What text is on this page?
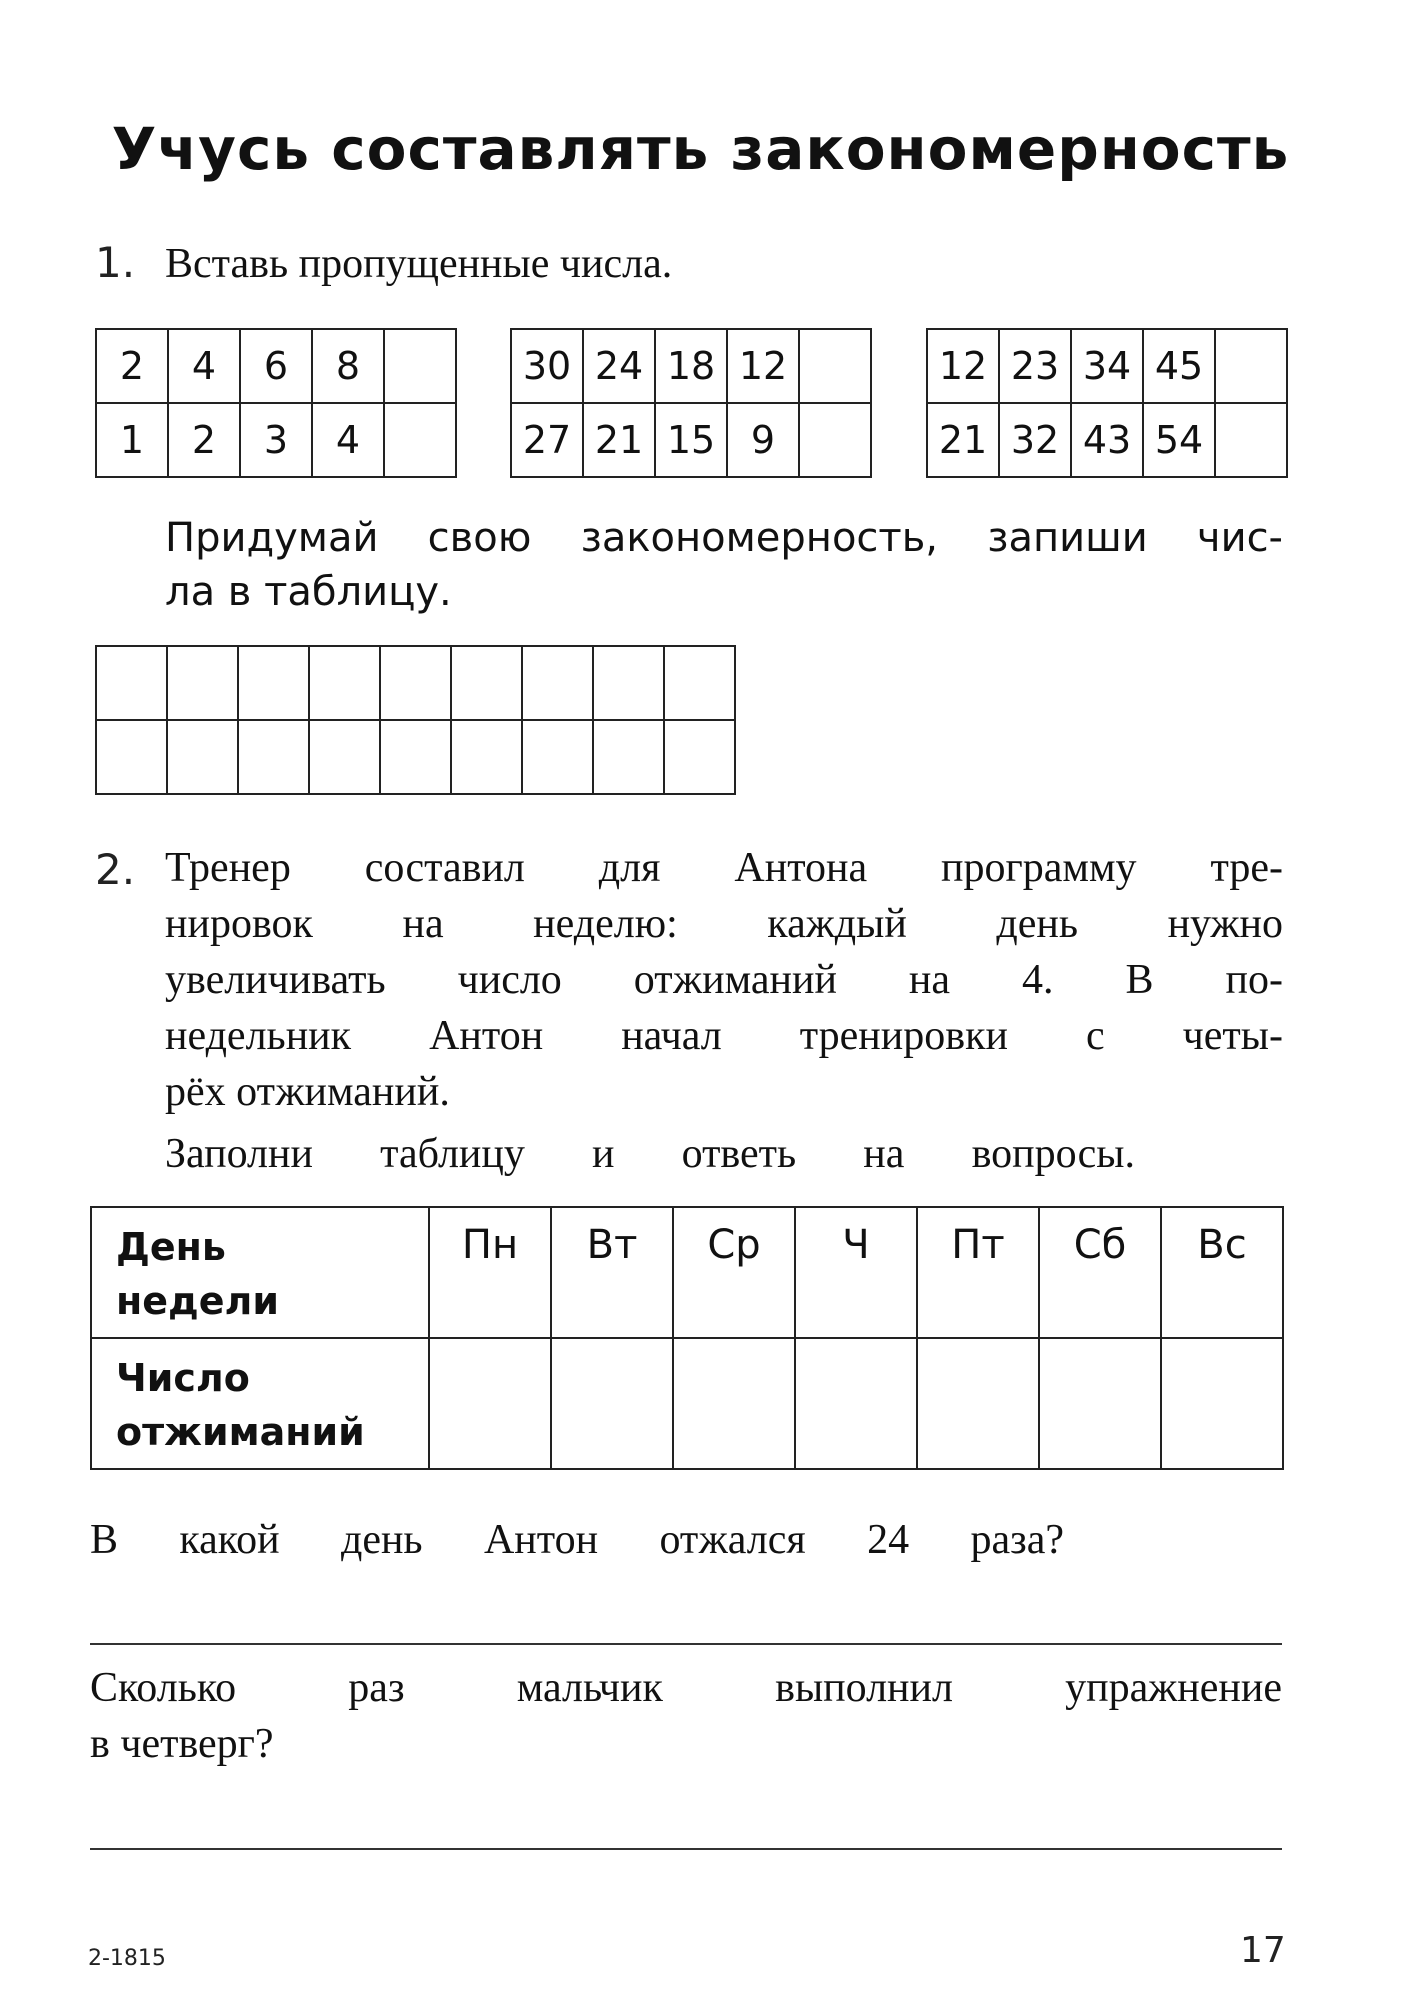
Учусь составлять закономерность
1. Вставь пропущенные числа.
2	4	6	8	
1	2	3	4	
30	24	18	12	
27	21	15	9	
12	23	34	45	
21	32	43	54	
Придумай свою закономерность, запиши чис-
ла в таблицу.

2. Тренер составил для Антона программу тре-
нировок на неделю: каждый день нужно
увеличивать число отжиманий на 4. В по-
недельник Антон начал тренировки с четы-
рёх отжиманий.
Заполни таблицу и ответь на вопросы.
День
недели	Пн	Вт	Ср	Ч	Пт	Сб	Вс

Число
отжиманий							

В какой день Антон отжался 24 раза?
Сколько раз мальчик выполнил упражнение
в четверг?
2-1815	17
